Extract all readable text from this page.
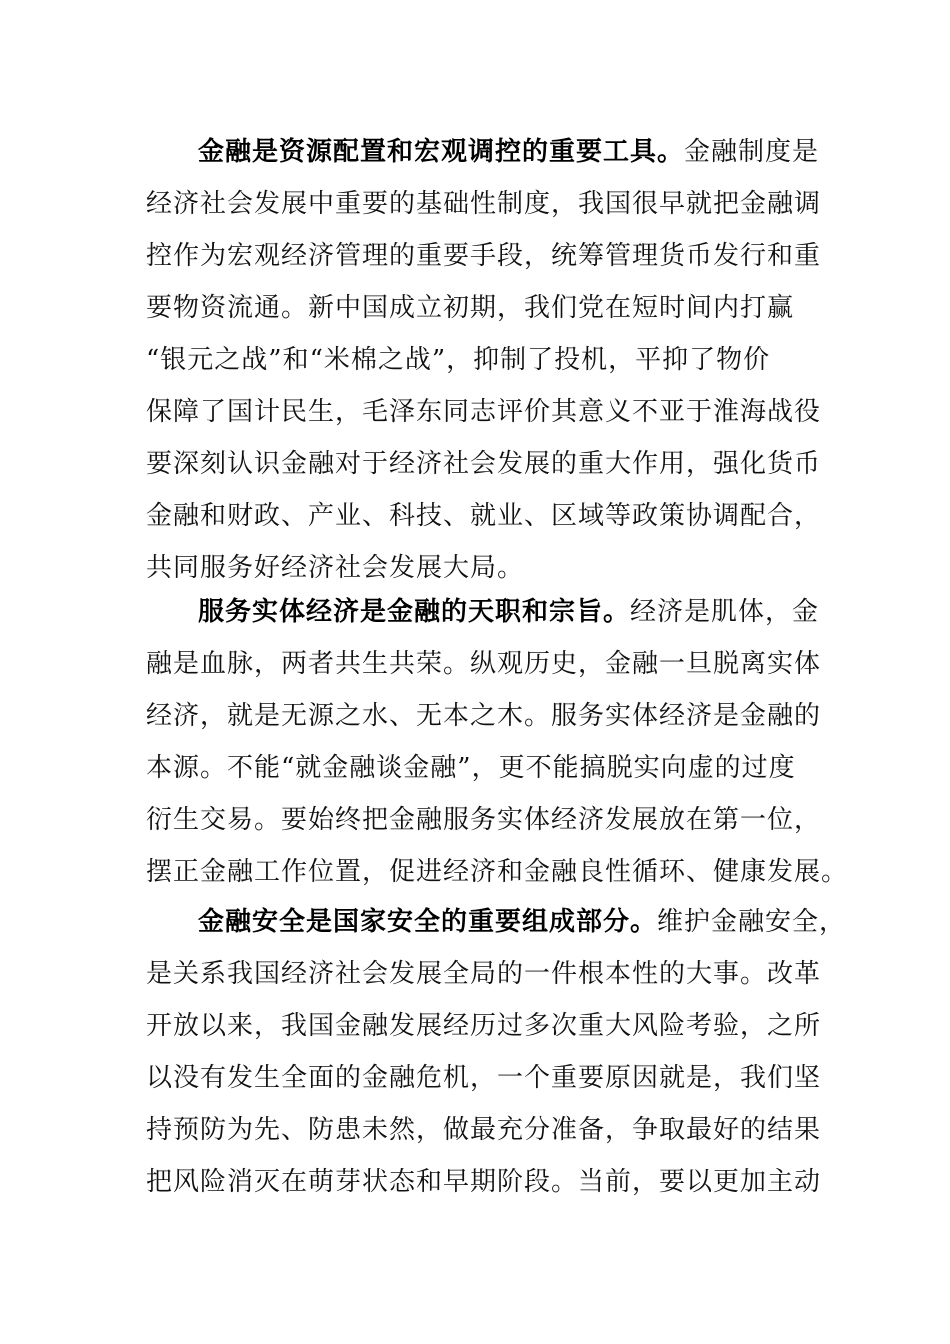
金融是资源配置和宏观调控的重要工具。金融制度是
经济社会发展中重要的基础性制度，我国很早就把金融调
控作为宏观经济管理的重要手段，统筹管理货币发行和重
要物资流通。新中国成立初期，我们党在短时间内打赢
“银元之战”和“米棉之战”，抑制了投机，平抑了物价
保障了国计民生，毛泽东同志评价其意义不亚于淮海战役
要深刻认识金融对于经济社会发展的重大作用，强化货币
金融和财政、产业、科技、就业、区域等政策协调配合，
共同服务好经济社会发展大局。
服务实体经济是金融的天职和宗旨。经济是肌体，金
融是血脉，两者共生共荣。纵观历史，金融一旦脱离实体
经济，就是无源之水、无本之木。服务实体经济是金融的
本源。不能“就金融谈金融”，更不能搞脱实向虚的过度
衍生交易。要始终把金融服务实体经济发展放在第一位，
摆正金融工作位置，促进经济和金融良性循环、健康发展。
金融安全是国家安全的重要组成部分。维护金融安全，
是关系我国经济社会发展全局的一件根本性的大事。改革
开放以来，我国金融发展经历过多次重大风险考验，之所
以没有发生全面的金融危机，一个重要原因就是，我们坚
持预防为先、防患未然，做最充分准备，争取最好的结果
把风险消灭在萌芽状态和早期阶段。当前，要以更加主动
